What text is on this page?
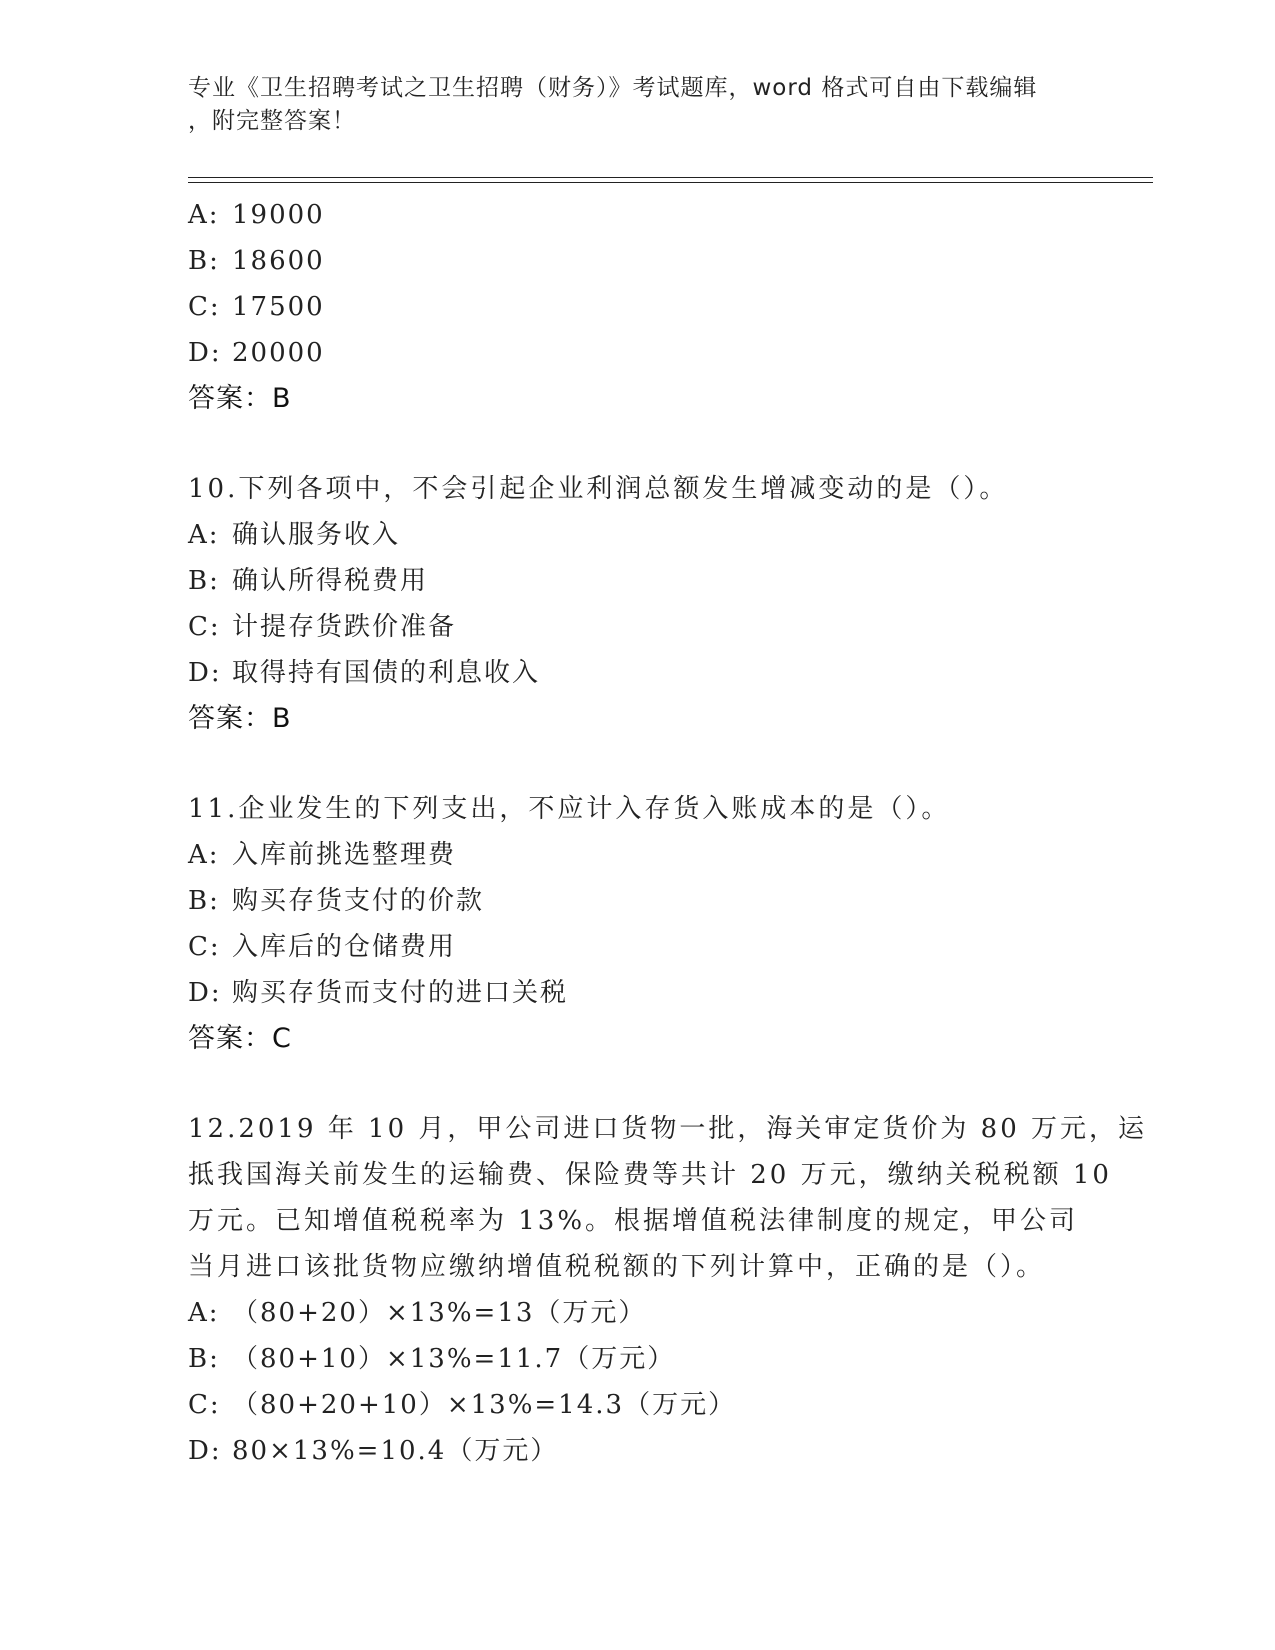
专业《卫生招聘考试之卫生招聘（财务）》考试题库，word 格式可自由下载编辑
，附完整答案！
A: 19000
B: 18600
C: 17500
D: 20000
答案：B
10.下列各项中，不会引起企业利润总额发生增减变动的是（）。
A: 确认服务收入
B: 确认所得税费用
C: 计提存货跌价准备
D: 取得持有国债的利息收入
答案：B
11.企业发生的下列支出，不应计入存货入账成本的是（）。
A: 入库前挑选整理费
B: 购买存货支付的价款
C: 入库后的仓储费用
D: 购买存货而支付的进口关税
答案：C
12.2019 年 10 月，甲公司进口货物一批，海关审定货价为 80 万元，运
抵我国海关前发生的运输费、保险费等共计 20 万元，缴纳关税税额 10
万元。已知增值税税率为 13%。根据增值税法律制度的规定，甲公司
当月进口该批货物应缴纳增值税税额的下列计算中，正确的是（）。
A: （80+20）×13%=13（万元）
B: （80+10）×13%=11.7（万元）
C: （80+20+10）×13%=14.3（万元）
D: 80×13%=10.4（万元）
